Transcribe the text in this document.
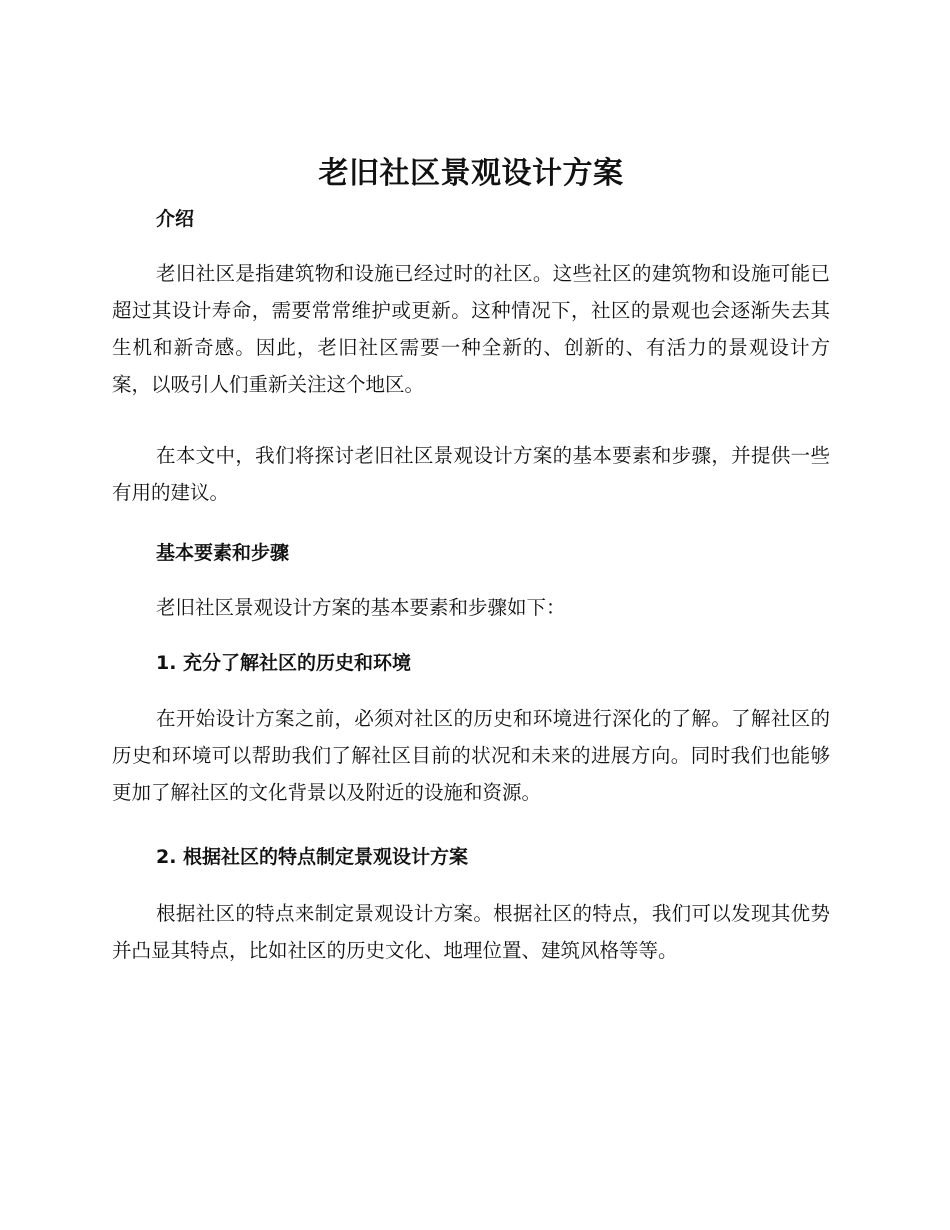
老旧社区景观设计方案
介绍

老旧社区是指建筑物和设施已经过时的社区。这些社区的建筑物和设施可能已超过其设计寿命，需要常常维护或更新。这种情况下，社区的景观也会逐渐失去其生机和新奇感。因此，老旧社区需要一种全新的、创新的、有活力的景观设计方案，以吸引人们重新关注这个地区。

在本文中，我们将探讨老旧社区景观设计方案的基本要素和步骤，并提供一些有用的建议。

基本要素和步骤

老旧社区景观设计方案的基本要素和步骤如下：

1. 充分了解社区的历史和环境

在开始设计方案之前，必须对社区的历史和环境进行深化的了解。了解社区的历史和环境可以帮助我们了解社区目前的状况和未来的进展方向。同时我们也能够更加了解社区的文化背景以及附近的设施和资源。

2. 根据社区的特点制定景观设计方案

根据社区的特点来制定景观设计方案。根据社区的特点，我们可以发现其优势并凸显其特点，比如社区的历史文化、地理位置、建筑风格等等。
